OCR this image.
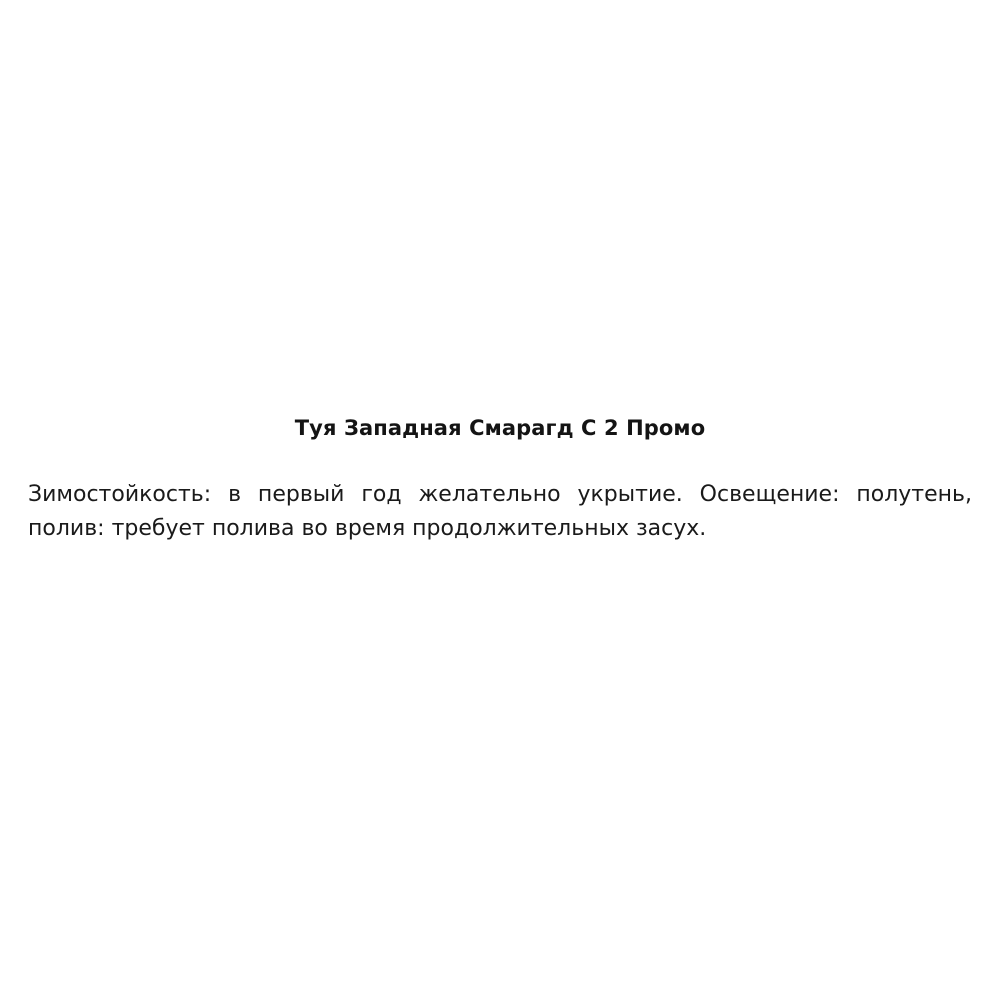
Туя Западная Смарагд С 2 Промо

Зимостойкость: в первый год желательно укрытие. Освещение: полутень, полив: требует полива во время продолжительных засух.
